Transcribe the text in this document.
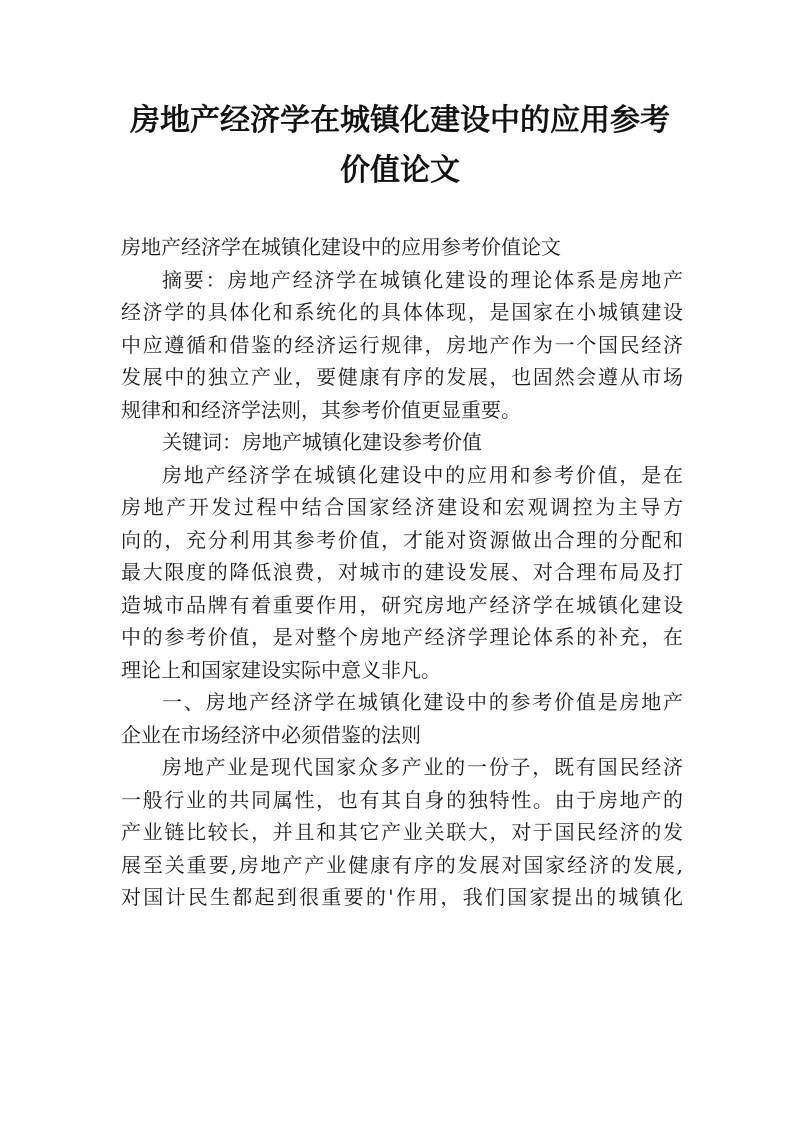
房地产经济学在城镇化建设中的应用参考
价值论文
房地产经济学在城镇化建设中的应用参考价值论文
摘要：房地产经济学在城镇化建设的理论体系是房地产
经济学的具体化和系统化的具体体现，是国家在小城镇建设
中应遵循和借鉴的经济运行规律，房地产作为一个国民经济
发展中的独立产业，要健康有序的发展，也固然会遵从市场
规律和和经济学法则，其参考价值更显重要。
关键词：房地产城镇化建设参考价值
房地产经济学在城镇化建设中的应用和参考价值，是在
房地产开发过程中结合国家经济建设和宏观调控为主导方
向的，充分利用其参考价值，才能对资源做出合理的分配和
最大限度的降低浪费，对城市的建设发展、对合理布局及打
造城市品牌有着重要作用，研究房地产经济学在城镇化建设
中的参考价值，是对整个房地产经济学理论体系的补充，在
理论上和国家建设实际中意义非凡。
一、房地产经济学在城镇化建设中的参考价值是房地产
企业在市场经济中必须借鉴的法则
房地产业是现代国家众多产业的一份子，既有国民经济
一般行业的共同属性，也有其自身的独特性。由于房地产的
产业链比较长，并且和其它产业关联大，对于国民经济的发
展至关重要,房地产产业健康有序的发展对国家经济的发展,
对国计民生都起到很重要的'作用，我们国家提出的城镇化
